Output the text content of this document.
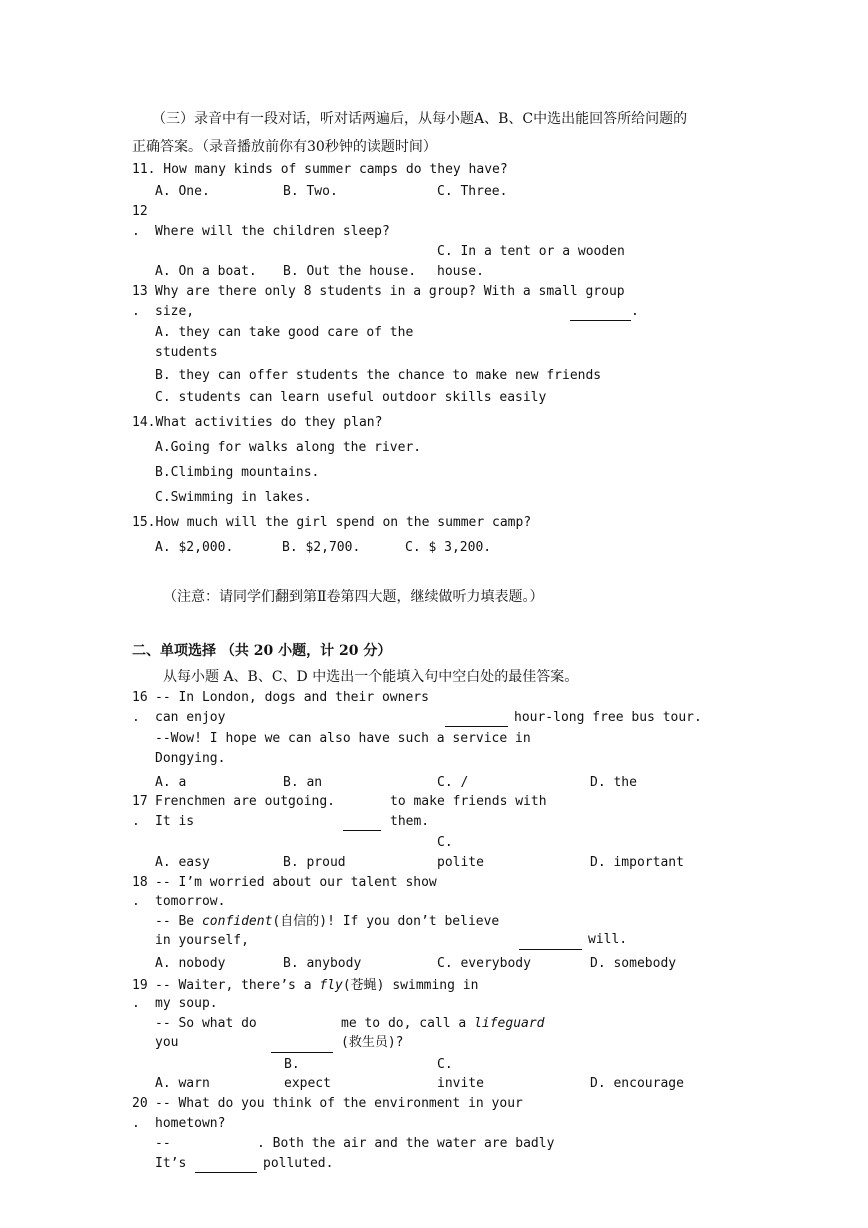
（三）录音中有一段对话，听对话两遍后，从每小题A、B、C中选出能回答所给问题的
正确答案。（录音播放前你有30秒钟的读题时间）
11. How many kinds of summer camps do they have?
A. One.	B. Two.	C. Three.
12
. Where will the children sleep?
C. In a tent or a wooden
A. On a boat. B. Out the house. house.
13 Why are there only 8 students in a group? With a small group
. size,	.
A. they can take good care of the
students
B. they can offer students the chance to make new friends
C. students can learn useful outdoor skills easily
14.What activities do they plan?
A.Going for walks along the river.
B.Climbing mountains.
C.Swimming in lakes.
15.How much will the girl spend on the summer camp?
A. $2,000.	B. $2,700.	C. $ 3,200.
（注意：请同学们翻到第Ⅱ卷第四大题，继续做听力填表题。）
二、单项选择 （共 20 小题，计 20 分）
从每小题 A、B、C、D 中选出一个能填入句中空白处的最佳答案。
16 -- In London, dogs and their owners
. can enjoy	hour-long free bus tour.
--Wow! I hope we can also have such a service in
Dongying.
A. a	B. an	C. /	D. the
17 Frenchmen are outgoing.	to make friends with
. It is	them.
C.
A. easy	B. proud	polite	D. important
18 -- I’m worried about our talent show
. tomorrow.
-- Be confident(自信的)! If you don’t believe
in yourself,	will.
A. nobody	B. anybody	C. everybody	D. somebody
19 -- Waiter, there’s a fly(苍蝇) swimming in
. my soup.
-- So what do	me to do, call a lifeguard
you	(救生员)?
B.	C.
A. warn	expect	invite	D. encourage
20 -- What do you think of the environment in your
. hometown?
--	. Both the air and the water are badly
It’s	polluted.
